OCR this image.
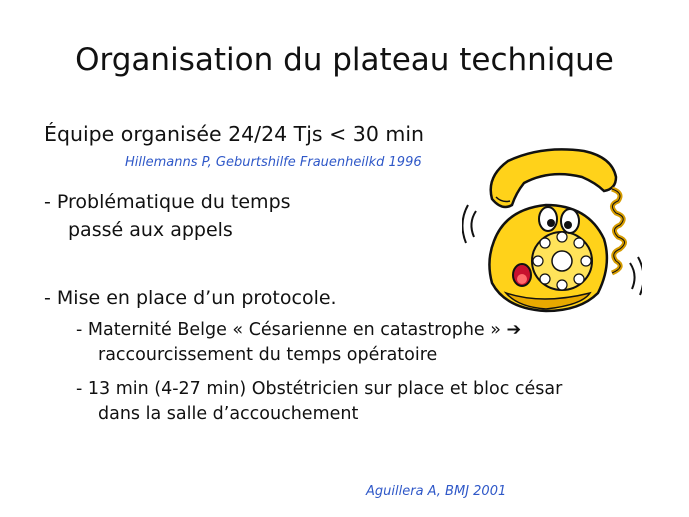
Organisation du plateau technique
Équipe organisée 24/24 Tjs < 30 min
Hillemanns P, Geburtshilfe Frauenheilkd 1996
- Problématique du temps
passé aux appels
- Mise en place d’un protocole.
- Maternité Belge « Césarienne en catastrophe » ➔
raccourcissement du temps opératoire
- 13 min (4-27 min) Obstétricien sur place et bloc césar
dans la salle d’accouchement
Aguillera A, BMJ 2001
